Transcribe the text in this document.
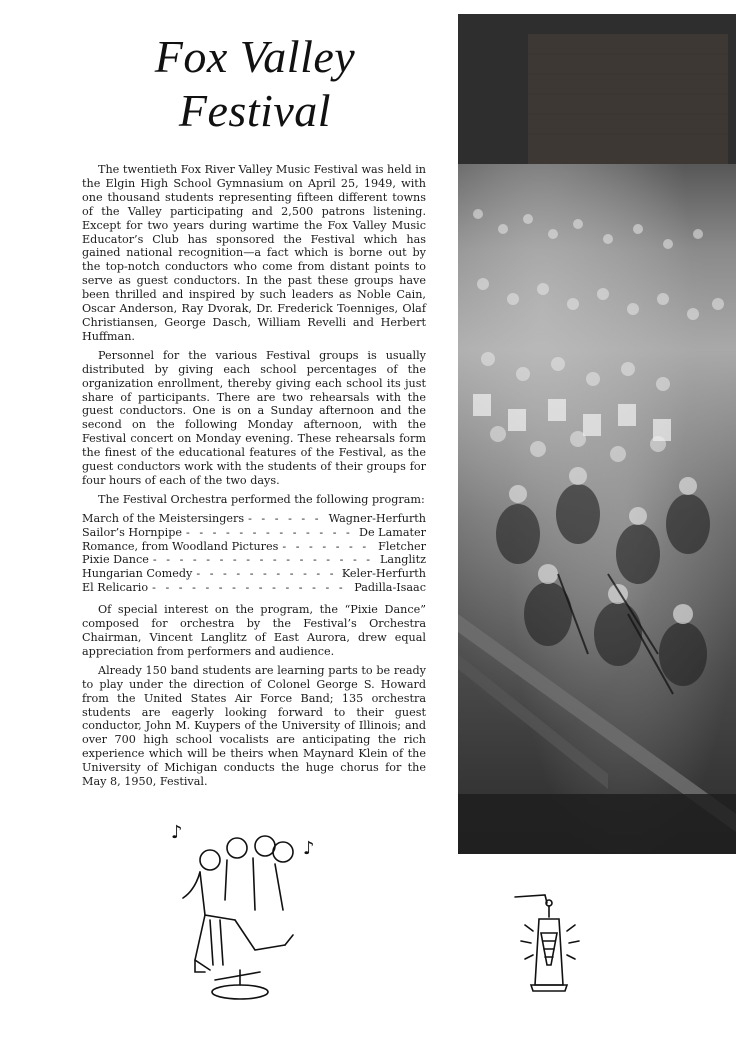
Fox Valley
Festival

The twentieth Fox River Valley Music Festival was held in the Elgin High School Gymnasium on April 25, 1949, with one thousand students representing fifteen different towns of the Valley participating and 2,500 patrons listening. Except for two years during wartime the Fox Valley Music Educator’s Club has sponsored the Festival which has gained national recognition—a fact which is borne out by the top-notch conductors who come from distant points to serve as guest conductors. In the past these groups have been thrilled and inspired by such leaders as Noble Cain, Oscar Anderson, Ray Dvorak, Dr. Frederick Toenniges, Olaf Christiansen, George Dasch, William Revelli and Herbert Huffman.

Personnel for the various Festival groups is usually distributed by giving each school percentages of the organization enrollment, thereby giving each school its just share of participants. There are two rehearsals with the guest conductors. One is on a Sunday afternoon and the second on the following Monday afternoon, with the Festival concert on Monday evening. These rehearsals form the finest of the educational features of the Festival, as the guest conductors work with the students of their groups for four hours of each of the two days.

The Festival Orchestra performed the following program:

March of the Meistersingers - - -	Wagner-Herfurth
Sailor’s Hornpipe - - -	De Lamater
Romance, from Woodland Pictures - - -	Fletcher
Pixie Dance - - -	Langlitz
Hungarian Comedy - - -	Keler-Herfurth
El Relicario - - -	Padilla-Isaac

Of special interest on the program, the “Pixie Dance” composed for orchestra by the Festival’s Orchestra Chairman, Vincent Langlitz of East Aurora, drew equal appreciation from performers and audience.

Already 150 band students are learning parts to be ready to play under the direction of Colonel George S. Howard from the United States Air Force Band; 135 orchestra students are eagerly looking forward to their guest conductor, John M. Kuypers of the University of Illinois; and over 700 high school vocalists are anticipating the rich experience which will be theirs when Maynard Klein of the University of Michigan conducts the huge chorus for the May 8, 1950, Festival.

♪
♪
